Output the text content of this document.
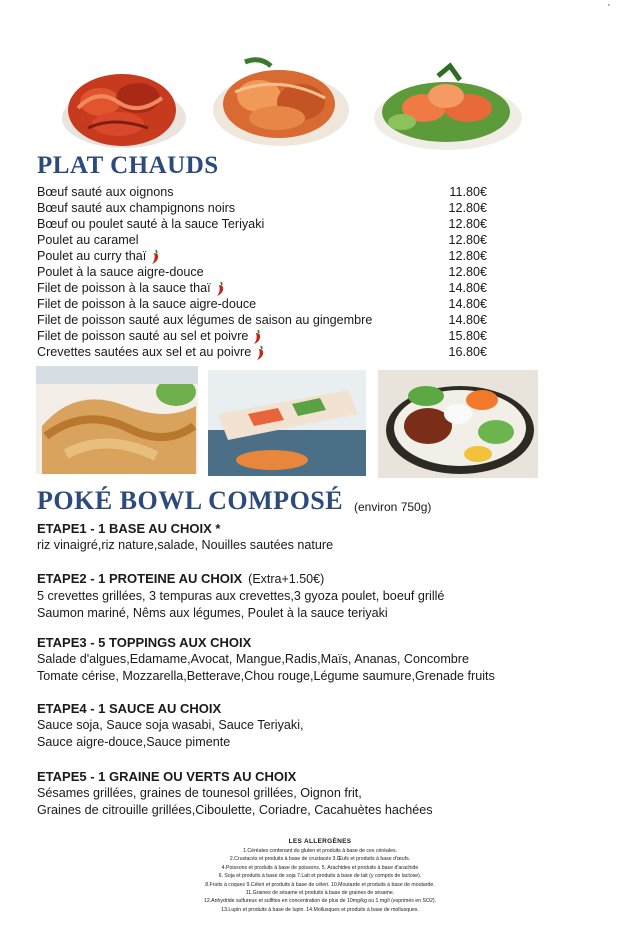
▪
PLAT CHAUDS
Bœuf sauté aux oignons	11.80€
Bœuf sauté aux champignons noirs	12.80€
Bœuf ou poulet sauté à la sauce Teriyaki	12.80€
Poulet au caramel	12.80€
Poulet au curry thaï	12.80€
Poulet à la sauce aigre-douce	12.80€
Filet de poisson à la sauce thaï	14.80€
Filet de poisson à la sauce aigre-douce	14.80€
Filet de poisson sauté aux légumes de saison au gingembre	14.80€
Filet de poisson sauté au sel et poivre	15.80€
Crevettes sautées aux sel et au poivre	16.80€
POKÉ BOWL COMPOSÉ (environ 750g)
ETAPE1 - 1 BASE AU CHOIX *
riz vinaigré,riz nature,salade, Nouilles sautées nature
ETAPE2 - 1 PROTEINE AU CHOIX (Extra+1.50€)
5 crevettes grillées, 3 tempuras aux crevettes,3 gyoza poulet, boeuf grillé
Saumon mariné, Nêms aux légumes, Poulet à la sauce teriyaki
ETAPE3 - 5 TOPPINGS AUX CHOIX
Salade d'algues,Edamame,Avocat, Mangue,Radis,Maïs, Ananas, Concombre
Tomate cérise, Mozzarella,Betterave,Chou rouge,Légume saumure,Grenade fruits
ETAPE4 - 1 SAUCE AU CHOIX
Sauce soja, Sauce soja wasabi, Sauce Teriyaki,
Sauce aigre-douce,Sauce pimente
ETAPE5 - 1 GRAINE OU VERTS AU CHOIX
Sésames grillées, graines de tounesol grillées, Oignon frit,
Graines de citrouille grillées,Ciboulette, Coriadre, Cacahuètes hachées
LES ALLERGÈNES
1.Céréales contenant du gluten et produits à base de ces céréales.
2.Crustacés et produits à base de crustacés 3.Œufs et produits à base d'œufs.
4.Poissons et produits à base de poissons. 5. Arachides et produits à base d'arachide
6. Soja et produits à base de soja 7.Lait et produits à base de lait (y compris de lactose).
8.Fruits à coques 9.Céleri et produits à base de céleri. 10.Moutarde et produits à base de moutarde.
11.Graines de sésame et produits à base de graines de sésame.
12.Anhydride sulfureux et sulfites en concentration de plus de 10mg/kg ou 1 mg/l (exprimés en SO2).
13.Lupin et produits à base de lupin. 14.Mollusques et produits à base de mollusques.
